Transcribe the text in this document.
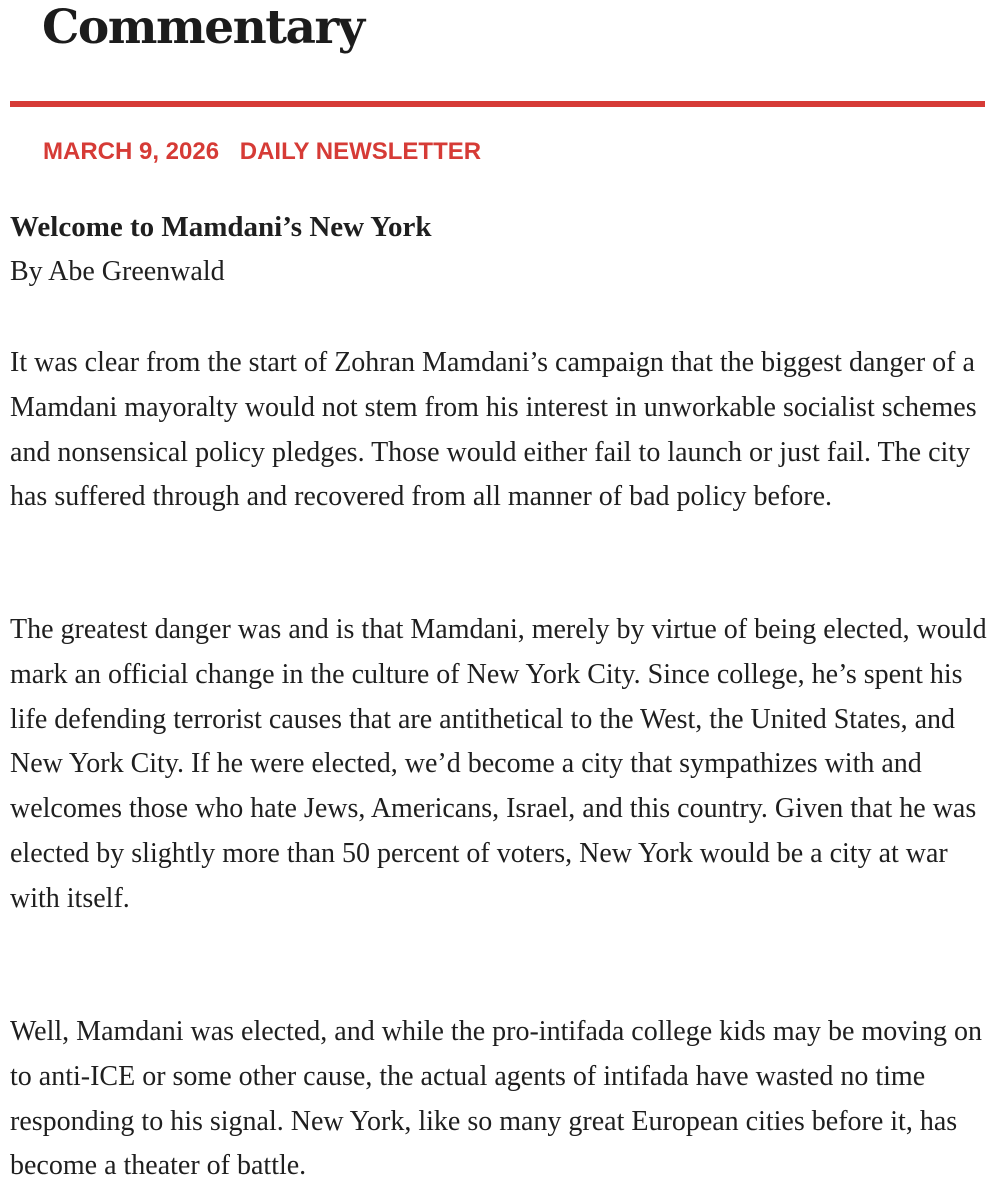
Commentary
MARCH 9, 2026 DAILY NEWSLETTER
Welcome to Mamdani’s New York
By Abe Greenwald

It was clear from the start of Zohran Mamdani’s campaign that the biggest danger of a Mamdani mayoralty would not stem from his interest in unworkable socialist schemes and nonsensical policy pledges. Those would either fail to launch or just fail. The city has suffered through and recovered from all manner of bad policy before.

The greatest danger was and is that Mamdani, merely by virtue of being elected, would mark an official change in the culture of New York City. Since college, he’s spent his life defending terrorist causes that are antithetical to the West, the United States, and New York City. If he were elected, we’d become a city that sympathizes with and welcomes those who hate Jews, Americans, Israel, and this country. Given that he was elected by slightly more than 50 percent of voters, New York would be a city at war with itself.

Well, Mamdani was elected, and while the pro-intifada college kids may be moving on to anti-ICE or some other cause, the actual agents of intifada have wasted no time responding to his signal. New York, like so many great European cities before it, has become a theater of battle.
